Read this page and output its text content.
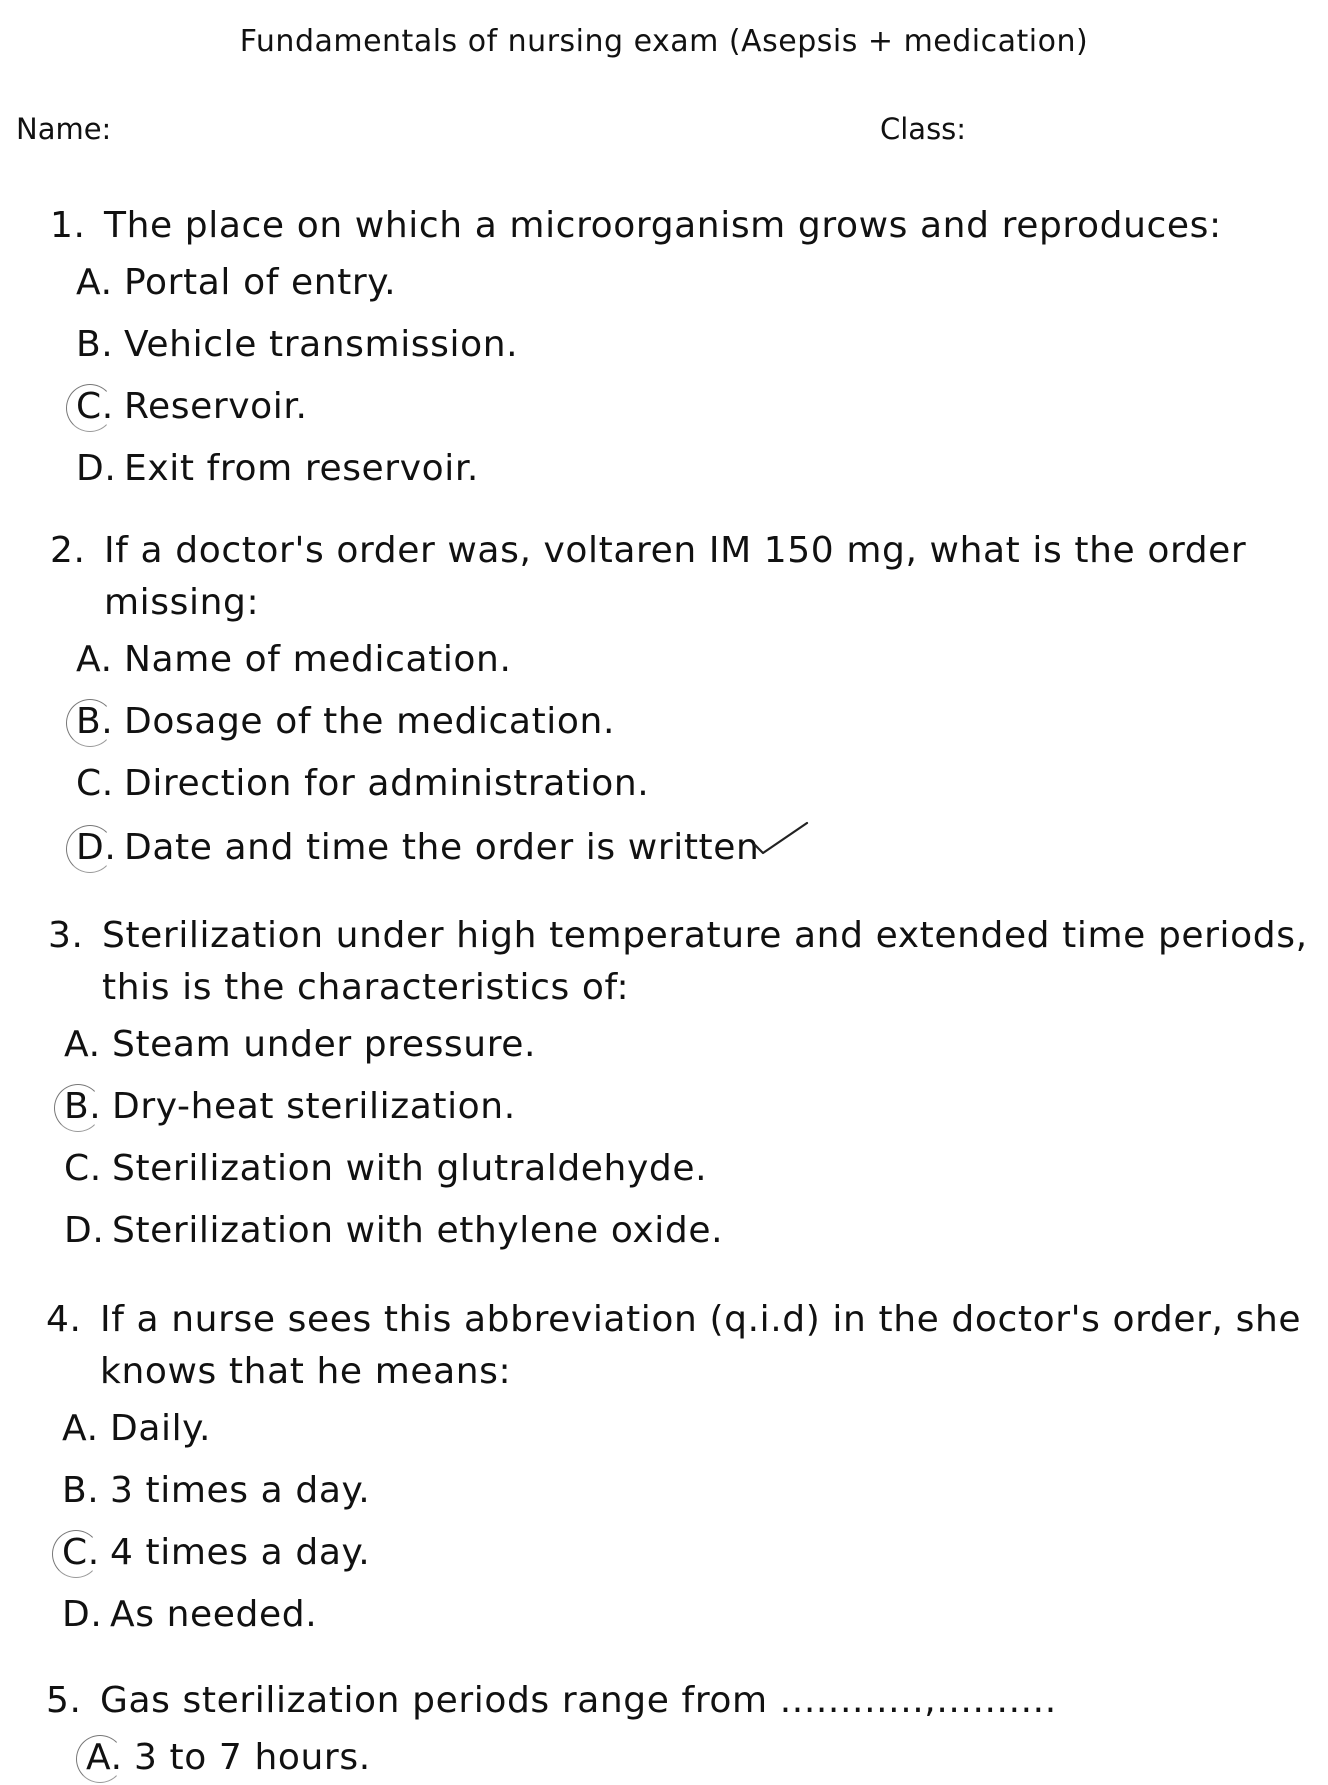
Fundamentals of nursing exam (Asepsis + medication)
Name:	Class:
1. The place on which a microorganism grows and reproduces:
A. Portal of entry.
B. Vehicle transmission.
C. Reservoir.
D. Exit from reservoir.
2. If a doctor's order was, voltaren IM 150 mg, what is the order missing:
A. Name of medication.
B. Dosage of the medication.
C. Direction for administration.
D. Date and time the order is written
3. Sterilization under high temperature and extended time periods, this is the characteristics of:
A. Steam under pressure.
B. Dry-heat sterilization.
C. Sterilization with glutraldehyde.
D. Sterilization with ethylene oxide.
4. If a nurse sees this abbreviation (q.i.d) in the doctor's order, she knows that he means:
A. Daily.
B. 3 times a day.
C. 4 times a day.
D. As needed.
5. Gas sterilization periods range from ............,..........
A. 3 to 7 hours.
